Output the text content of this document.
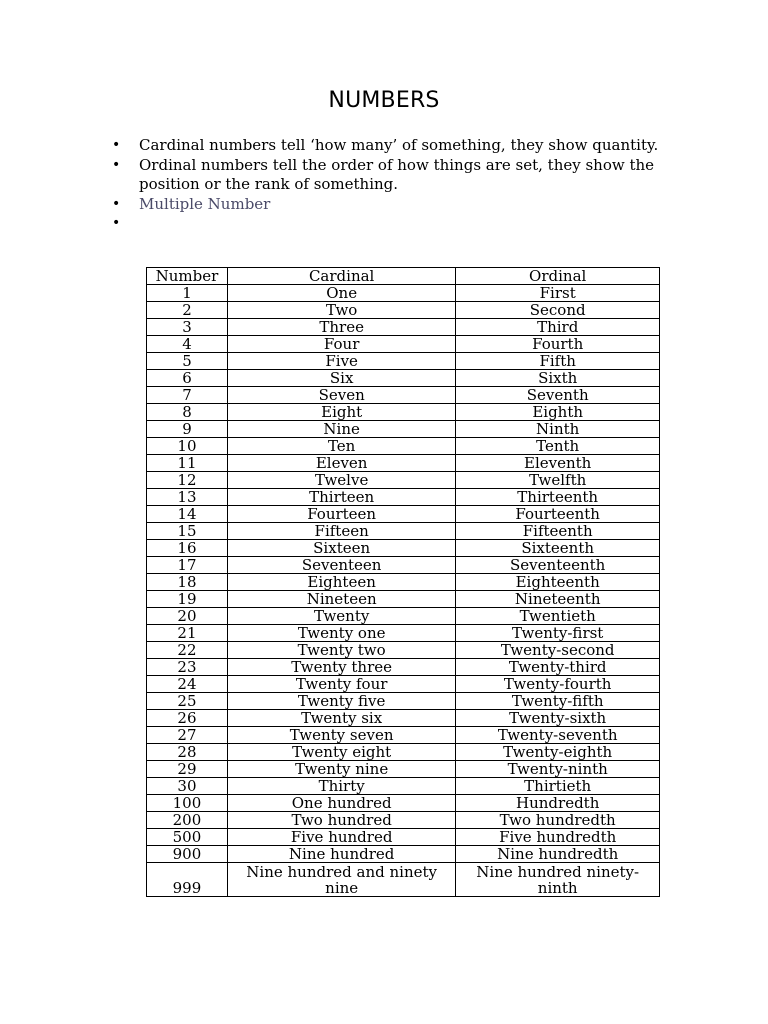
NUMBERS
• Cardinal numbers tell ‘how many’ of something, they show quantity.
• Ordinal numbers tell the order of how things are set, they show the position or the rank of something.
• Multiple Number
•
Number	Cardinal	Ordinal
1	One	First
2	Two	Second
3	Three	Third
4	Four	Fourth
5	Five	Fifth
6	Six	Sixth
7	Seven	Seventh
8	Eight	Eighth
9	Nine	Ninth
10	Ten	Tenth
11	Eleven	Eleventh
12	Twelve	Twelfth
13	Thirteen	Thirteenth
14	Fourteen	Fourteenth
15	Fifteen	Fifteenth
16	Sixteen	Sixteenth
17	Seventeen	Seventeenth
18	Eighteen	Eighteenth
19	Nineteen	Nineteenth
20	Twenty	Twentieth
21	Twenty one	Twenty-first
22	Twenty two	Twenty-second
23	Twenty three	Twenty-third
24	Twenty four	Twenty-fourth
25	Twenty five	Twenty-fifth
26	Twenty six	Twenty-sixth
27	Twenty seven	Twenty-seventh
28	Twenty eight	Twenty-eighth
29	Twenty nine	Twenty-ninth
30	Thirty	Thirtieth
100	One hundred	Hundredth
200	Two hundred	Two hundredth
500	Five hundred	Five hundredth
900	Nine hundred	Nine hundredth
999	Nine hundred and ninety nine	Nine hundred ninety-ninth
